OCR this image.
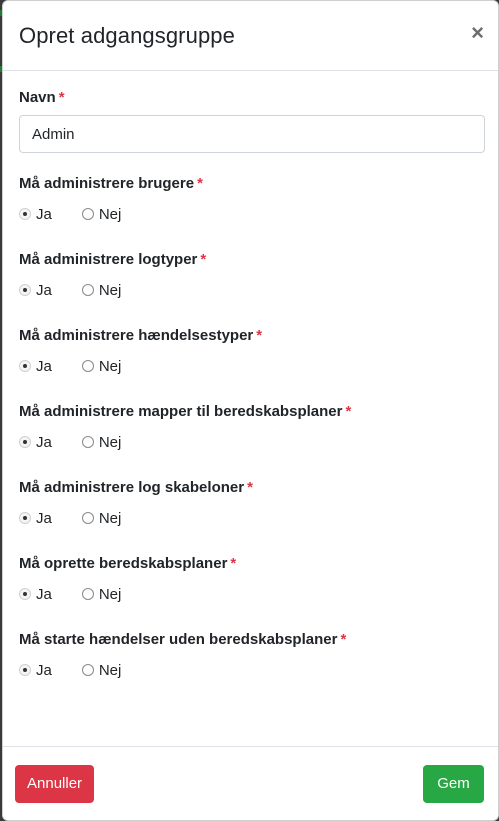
Opret adgangsgruppe	×
Navn *
Admin
Må administrere brugere *
Ja	Nej
Må administrere logtyper *
Ja	Nej
Må administrere hændelsestyper *
Ja	Nej
Må administrere mapper til beredskabsplaner *
Ja	Nej
Må administrere log skabeloner *
Ja	Nej
Må oprette beredskabsplaner *
Ja	Nej
Må starte hændelser uden beredskabsplaner *
Ja	Nej
Annuller	Gem
